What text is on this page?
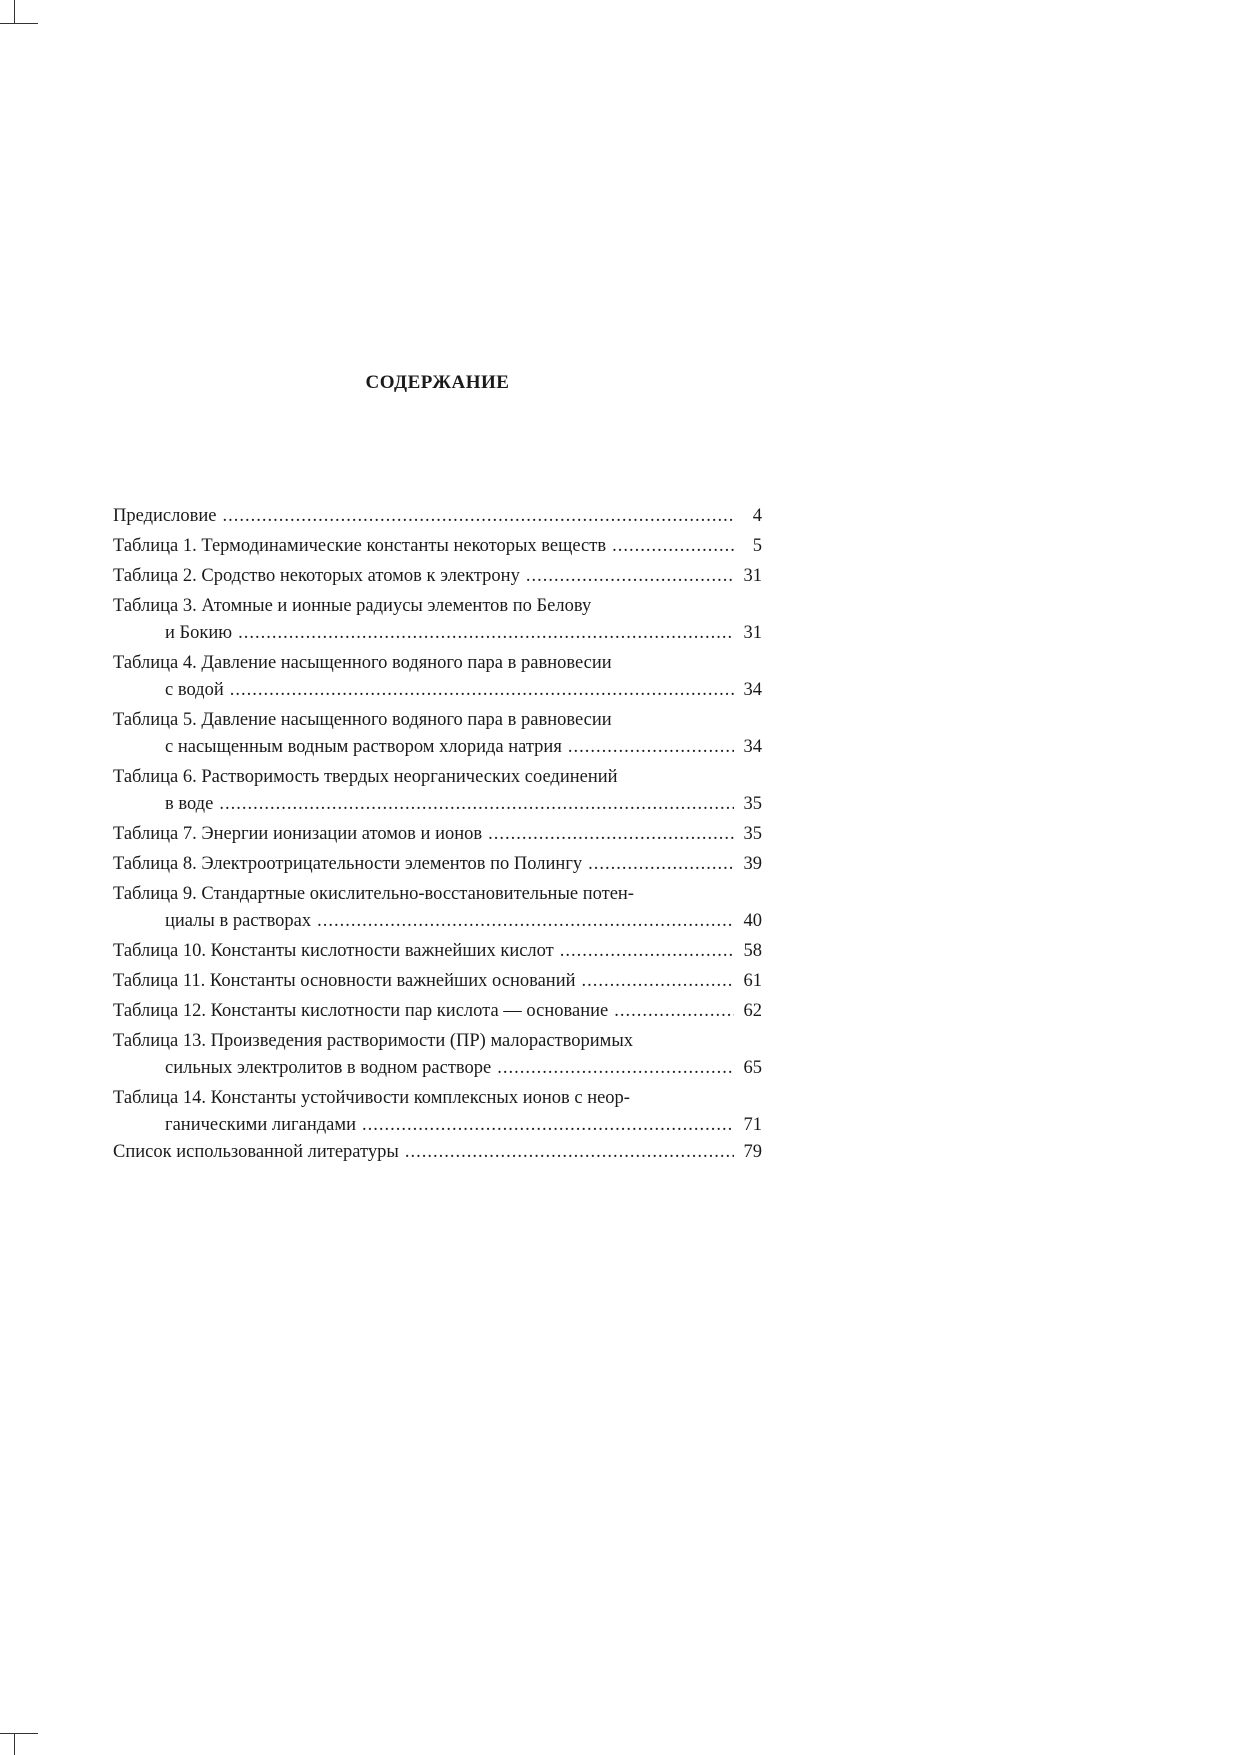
СОДЕРЖАНИЕ
Предисловие .....	4
Таблица 1. Термодинамические константы некоторых веществ .....	5
Таблица 2. Сродство некоторых атомов к электрону .....	31
Таблица 3. Атомные и ионные радиусы элементов по Белову
и Бокию .....	31
Таблица 4. Давление насыщенного водяного пара в равновесии
с водой .....	34
Таблица 5. Давление насыщенного водяного пара в равновесии
с насыщенным водным раствором хлорида натрия .....	34
Таблица 6. Растворимость твердых неорганических соединений
в воде .....	35
Таблица 7. Энергии ионизации атомов и ионов .....	35
Таблица 8. Электроотрицательности элементов по Полингу .....	39
Таблица 9. Стандартные окислительно-восстановительные потен-
циалы в растворах .....	40
Таблица 10. Константы кислотности важнейших кислот .....	58
Таблица 11. Константы основности важнейших оснований .....	61
Таблица 12. Константы кислотности пар кислота — основание .....	62
Таблица 13. Произведения растворимости (ПР) малорастворимых
сильных электролитов в водном растворе .....	65
Таблица 14. Константы устойчивости комплексных ионов с неор-
ганическими лигандами .....	71
Список использованной литературы .....	79
